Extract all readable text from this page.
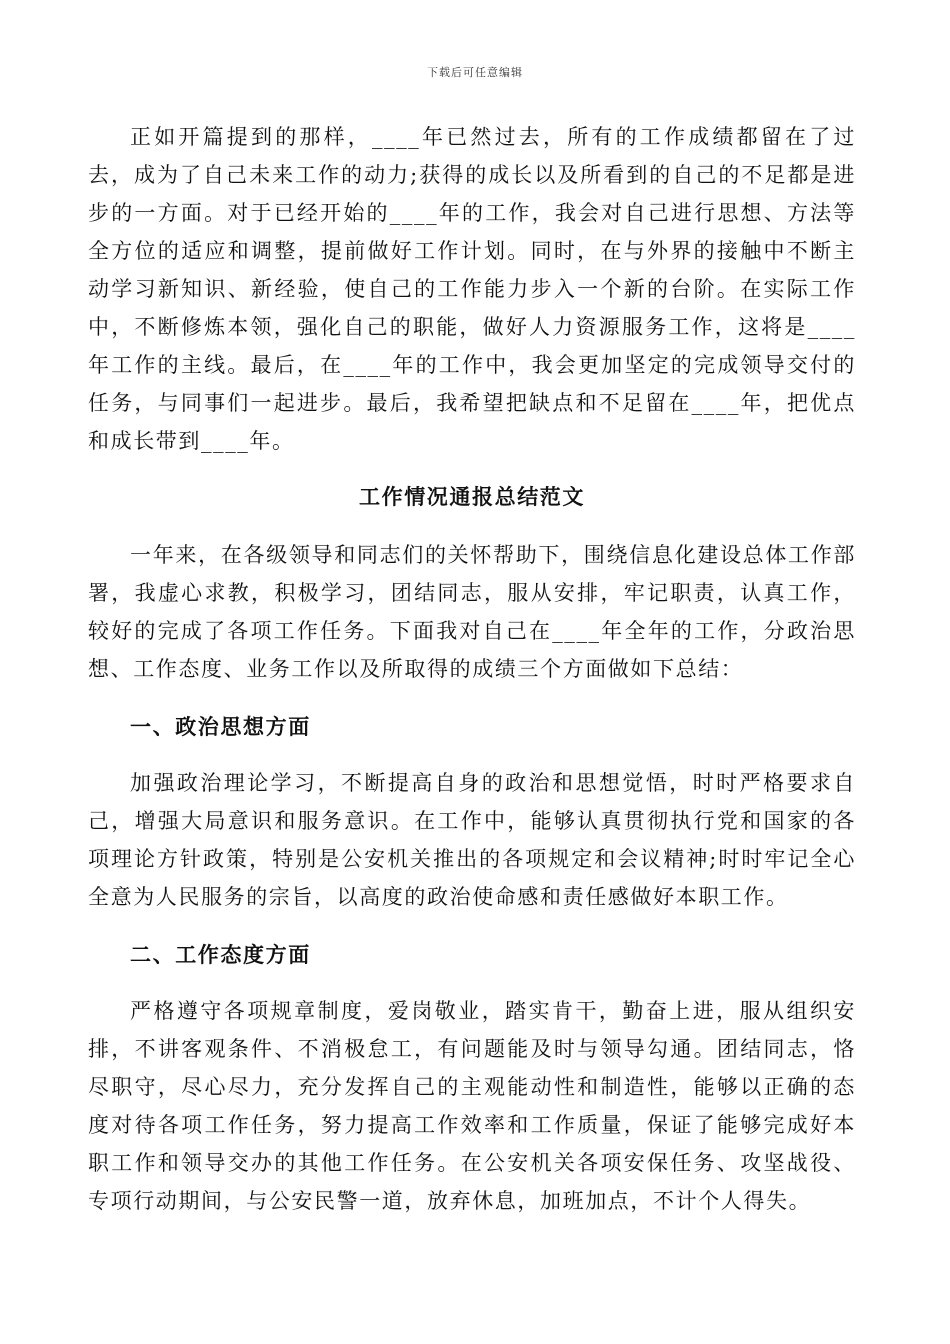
下载后可任意编辑

正如开篇提到的那样，____年已然过去，所有的工作成绩都留在了过去，成为了自己未来工作的动力;获得的成长以及所看到的自己的不足都是进步的一方面。对于已经开始的____年的工作，我会对自己进行思想、方法等全方位的适应和调整，提前做好工作计划。同时，在与外界的接触中不断主动学习新知识、新经验，使自己的工作能力步入一个新的台阶。在实际工作中，不断修炼本领，强化自己的职能，做好人力资源服务工作，这将是____年工作的主线。最后，在____年的工作中，我会更加坚定的完成领导交付的任务，与同事们一起进步。最后，我希望把缺点和不足留在____年，把优点和成长带到____年。

工作情况通报总结范文

一年来，在各级领导和同志们的关怀帮助下，围绕信息化建设总体工作部署，我虚心求教，积极学习，团结同志，服从安排，牢记职责，认真工作，较好的完成了各项工作任务。下面我对自己在____年全年的工作，分政治思想、工作态度、业务工作以及所取得的成绩三个方面做如下总结：

一、政治思想方面

加强政治理论学习，不断提高自身的政治和思想觉悟，时时严格要求自己，增强大局意识和服务意识。在工作中，能够认真贯彻执行党和国家的各项理论方针政策，特别是公安机关推出的各项规定和会议精神;时时牢记全心全意为人民服务的宗旨，以高度的政治使命感和责任感做好本职工作。

二、工作态度方面

严格遵守各项规章制度，爱岗敬业，踏实肯干，勤奋上进，服从组织安排，不讲客观条件、不消极怠工，有问题能及时与领导勾通。团结同志，恪尽职守，尽心尽力，充分发挥自己的主观能动性和制造性，能够以正确的态度对待各项工作任务，努力提高工作效率和工作质量，保证了能够完成好本职工作和领导交办的其他工作任务。在公安机关各项安保任务、攻坚战役、专项行动期间，与公安民警一道，放弃休息，加班加点，不计个人得失。
